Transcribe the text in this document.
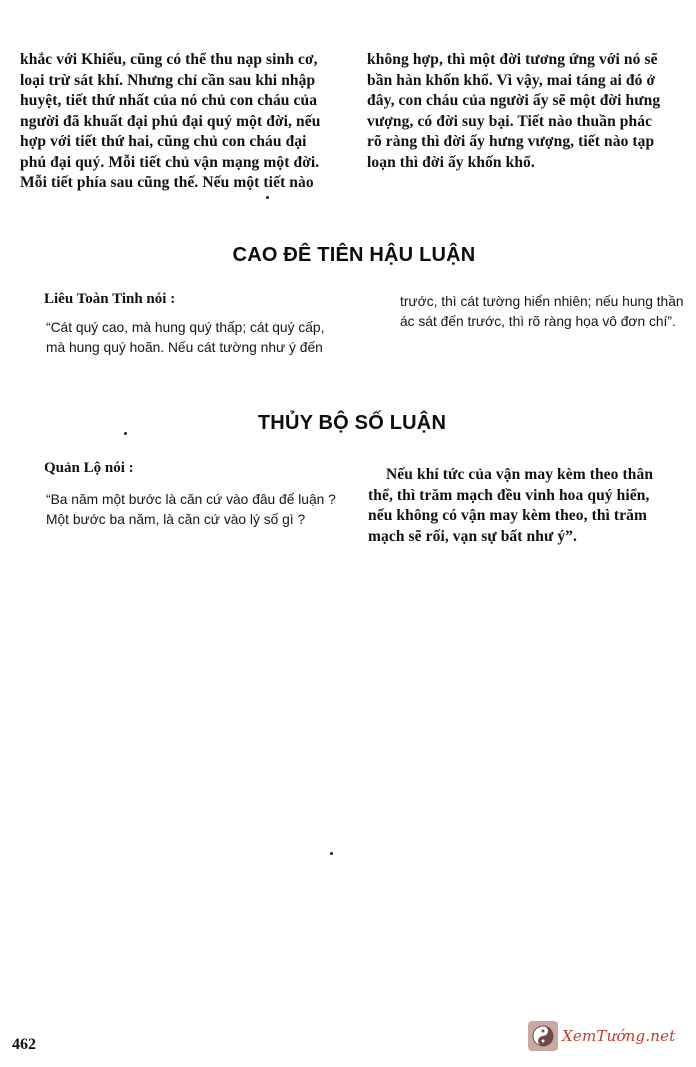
khắc với Khiếu, cũng có thể thu nạp sinh cơ,

loại trừ sát khí. Nhưng chỉ cần sau khi nhập

huyệt, tiết thứ nhất của nó chủ con cháu của

người đã khuất đại phú đại quý một đời, nếu

hợp với tiết thứ hai, cũng chủ con cháu đại

phú đại quý. Mỗi tiết chủ vận mạng một đời.

Mỗi tiết phía sau cũng thế. Nếu một tiết nào

không hợp, thì một đời tương ứng với nó sẽ

bần hàn khốn khổ. Vì vậy, mai táng ai đó ở

đây, con cháu của người ấy sẽ một đời hưng

vượng, có đời suy bại. Tiết nào thuần phác

rõ ràng thì đời ấy hưng vượng, tiết nào tạp

loạn thì đời ấy khốn khổ.

CAO ĐÊ TIÊN HẬU LUẬN
Liêu Toàn Tinh nói :
“Cát quý cao, mà hung quý thấp; cát quý cấp,
mà hung quý hoãn. Nếu cát tường như ý đến
trước, thì cát tường hiển nhiên; nếu hung thần
ác sát đến trước, thì rõ ràng họa vô đơn chí”.
THỦY BỘ SỐ LUẬN
Quản Lộ nói :
“Ba năm một bước là căn cứ vào đâu để luận ?
Một bước ba năm, là căn cứ vào lý số gì ?

Nếu khí tức của vận may kèm theo thân

thể, thì trăm mạch đều vinh hoa quý hiển,
nếu không có vận may kèm theo, thì trăm
mạch sẽ rối, vạn sự bất như ý”.
462	XemTướng.net
